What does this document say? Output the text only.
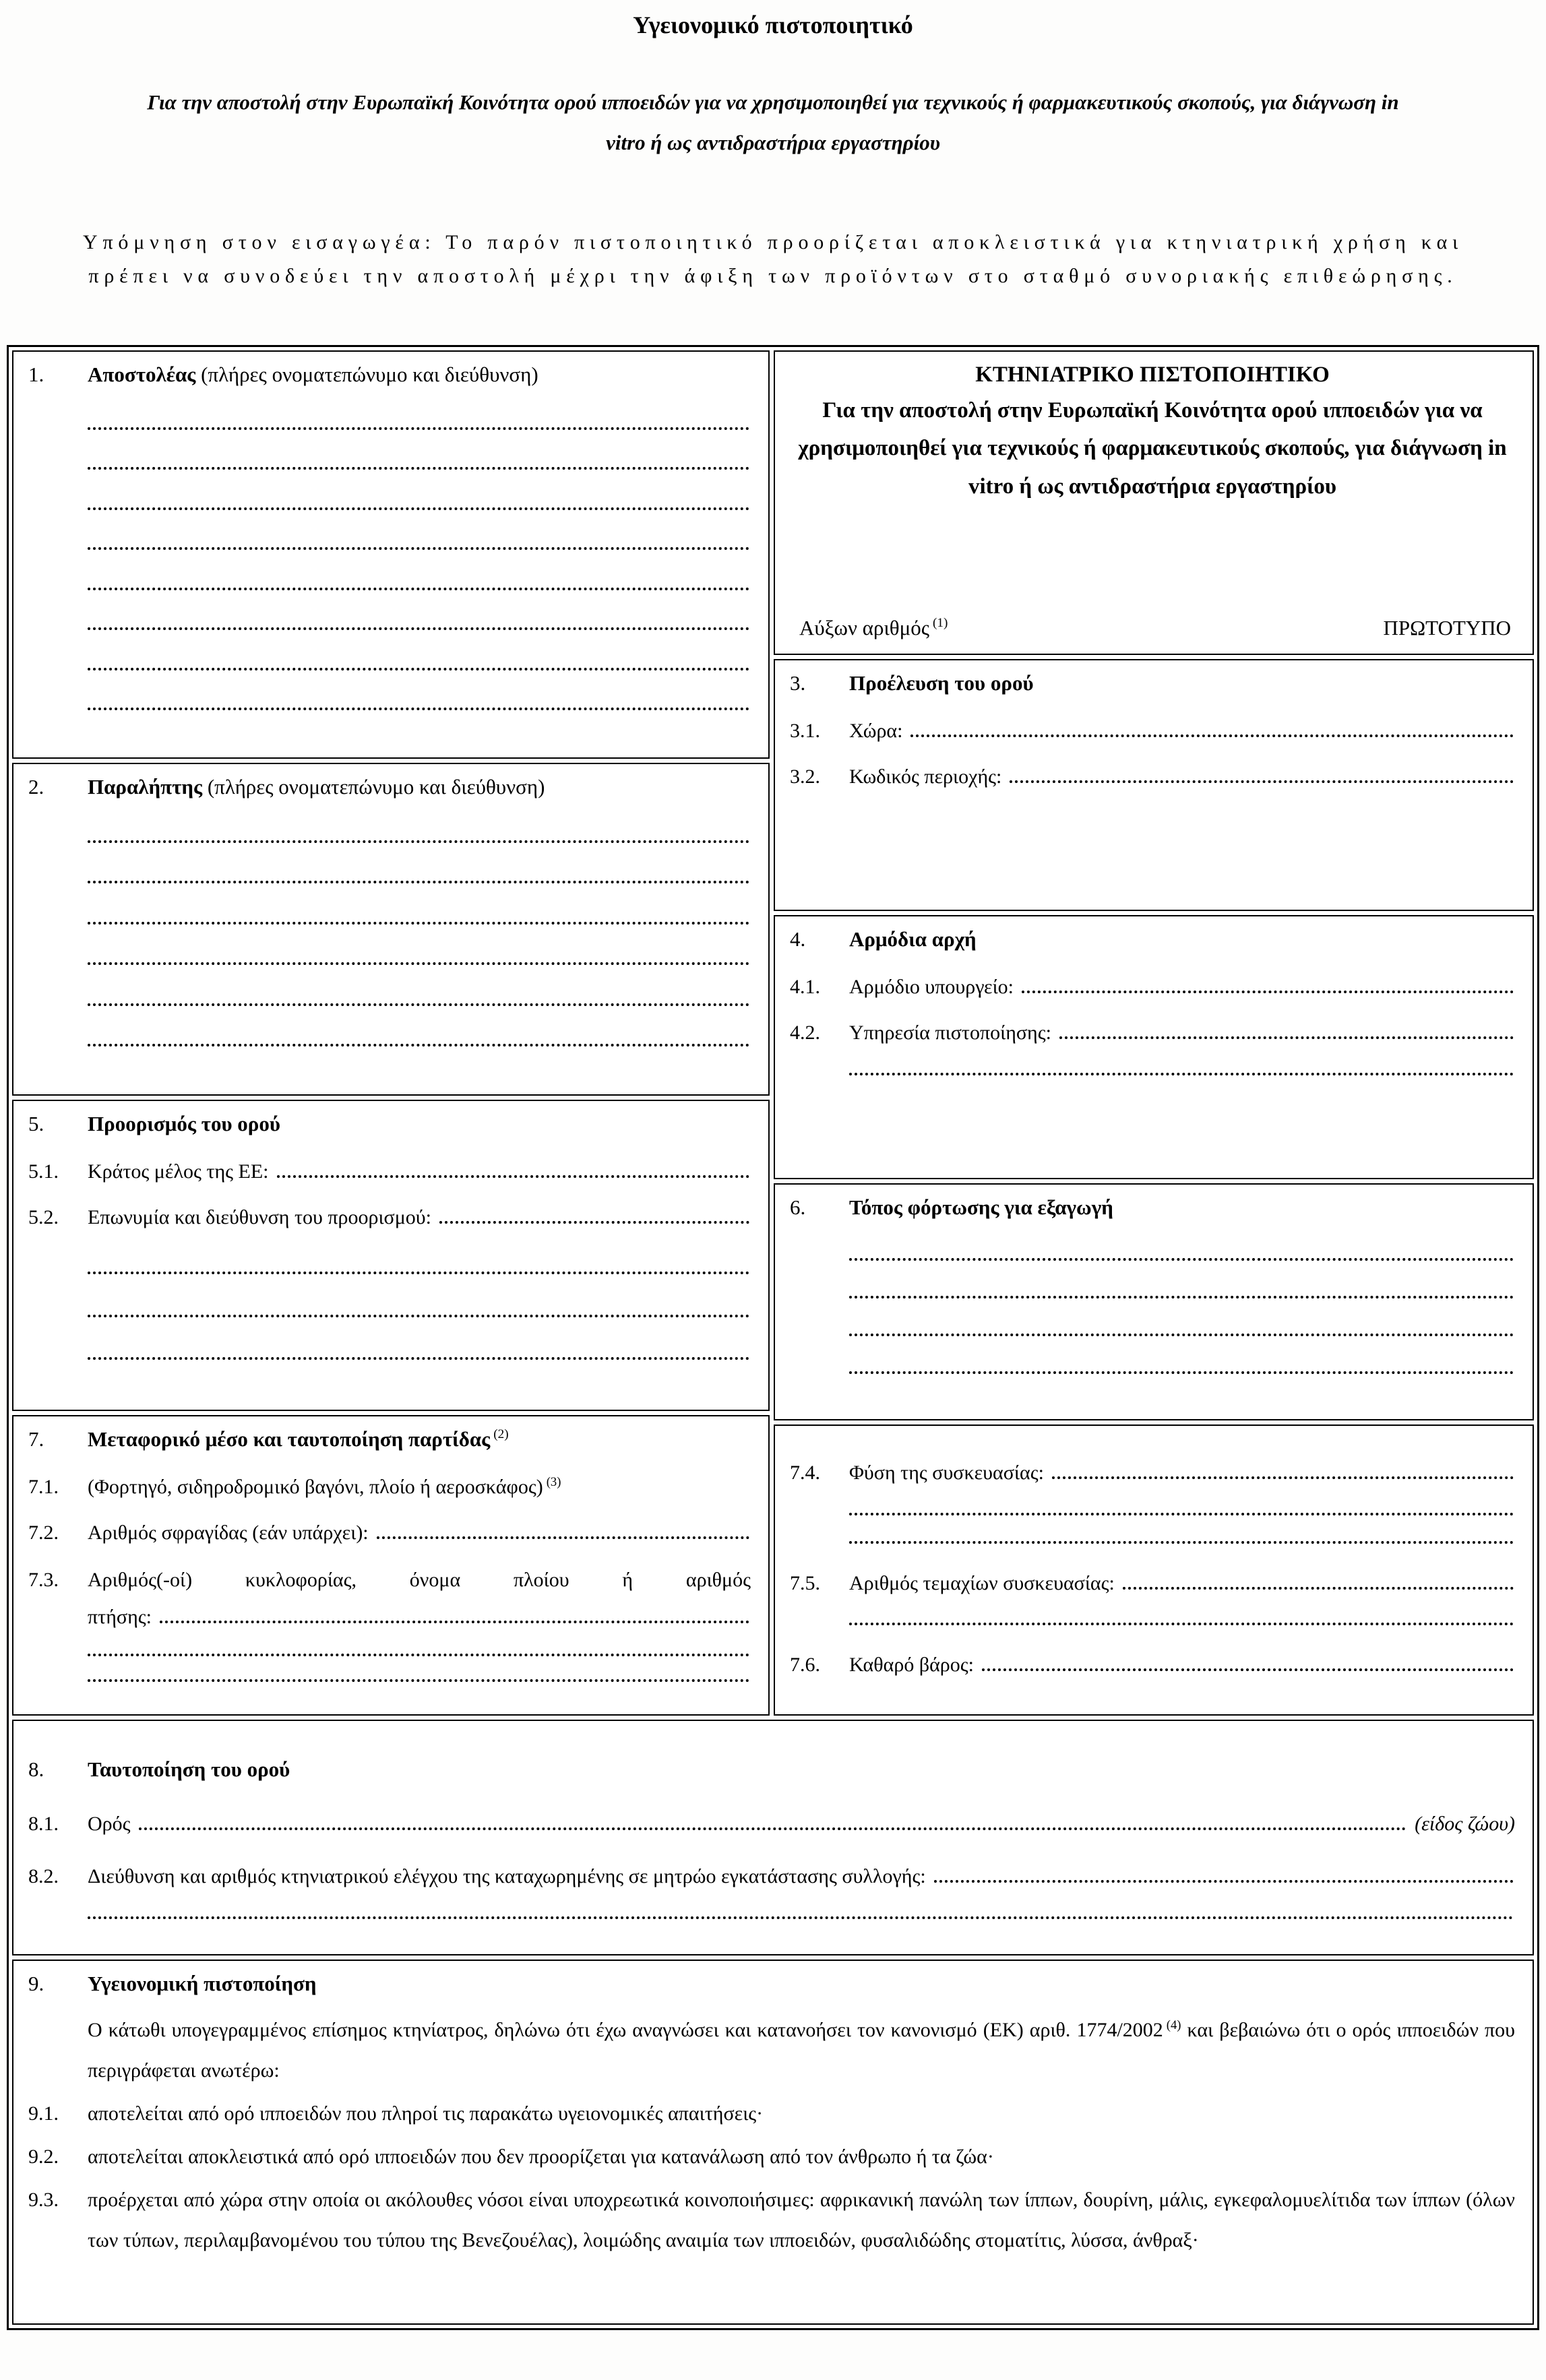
Υγειονομικό πιστοποιητικό

Για την αποστολή στην Ευρωπαϊκή Κοινότητα ορού ιπποειδών για να χρησιμοποιηθεί για τεχνικούς ή φαρμακευτικούς σκοπούς, για διάγνωση in vitro ή ως αντιδραστήρια εργαστηρίου

Υπόμνηση στον εισαγωγέα: Το παρόν πιστοποιητικό προορίζεται αποκλειστικά για κτηνιατρική χρήση και πρέπει να συνοδεύει την αποστολή μέχρι την άφιξη των προϊόντων στο σταθμό συνοριακής επιθεώρησης.

1.	Αποστολέας (πλήρες ονοματεπώνυμο και διεύθυνση)
2.	Παραλήπτης (πλήρες ονοματεπώνυμο και διεύθυνση)
5.	Προορισμός του ορού
5.1.	Κράτος μέλος της ΕΕ:
5.2.	Επωνυμία και διεύθυνση του προορισμού:
7.	Μεταφορικό μέσο και ταυτοποίηση παρτίδας $^{(2)}$
7.1.	(Φορτηγό, σιδηροδρομικό βαγόνι, πλοίο ή αεροσκάφος) $^{(3)}$
7.2.	Αριθμός σφραγίδας (εάν υπάρχει):
7.3.	Αριθμός(-οί) κυκλοφορίας, όνομα πλοίου ή αριθμός
πτήσης:
ΚΤΗΝΙΑΤΡΙΚΟ ΠΙΣΤΟΠΟΙΗΤΙΚΟ
Για την αποστολή στην Ευρωπαϊκή Κοινότητα ορού ιπποειδών για να χρησιμοποιηθεί για τεχνικούς ή φαρμακευτικούς σκοπούς, για διάγνωση in vitro ή ως αντιδραστήρια εργαστηρίου
Αύξων αριθμός $^{(1)}$	ΠΡΩΤΟΤΥΠΟ
3.	Προέλευση του ορού
3.1.	Χώρα:
3.2.	Κωδικός περιοχής:
4.	Αρμόδια αρχή
4.1.	Αρμόδιο υπουργείο:
4.2.	Υπηρεσία πιστοποίησης:
6.	Τόπος φόρτωσης για εξαγωγή
7.4.	Φύση της συσκευασίας:
7.5.	Αριθμός τεμαχίων συσκευασίας:
7.6.	Καθαρό βάρος:
8.	Ταυτοποίηση του ορού
8.1.	Ορός	(είδος ζώου)
8.2.	Διεύθυνση και αριθμός κτηνιατρικού ελέγχου της καταχωρημένης σε μητρώο εγκατάστασης συλλογής:
9.	Υγειονομική πιστοποίηση

Ο κάτωθι υπογεγραμμένος επίσημος κτηνίατρος, δηλώνω ότι έχω αναγνώσει και κατανοήσει τον κανονισμό (ΕΚ) αριθ. 1774/2002 $^{(4)}$ και βεβαιώνω ότι ο ορός ιπποειδών που περιγράφεται ανωτέρω:

9.1.	αποτελείται από ορό ιπποειδών που πληροί τις παρακάτω υγειονομικές απαιτήσεις·
9.2.	αποτελείται αποκλειστικά από ορό ιπποειδών που δεν προορίζεται για κατανάλωση από τον άνθρωπο ή τα ζώα·
9.3.	προέρχεται από χώρα στην οποία οι ακόλουθες νόσοι είναι υποχρεωτικά κοινοποιήσιμες: αφρικανική πανώλη των ίππων, δουρίνη, μάλις, εγκεφαλομυελίτιδα των ίππων (όλων των τύπων, περιλαμβανομένου του τύπου της Βενεζουέλας), λοιμώδης αναιμία των ιπποειδών, φυσαλιδώδης στοματίτις, λύσσα, άνθραξ·
